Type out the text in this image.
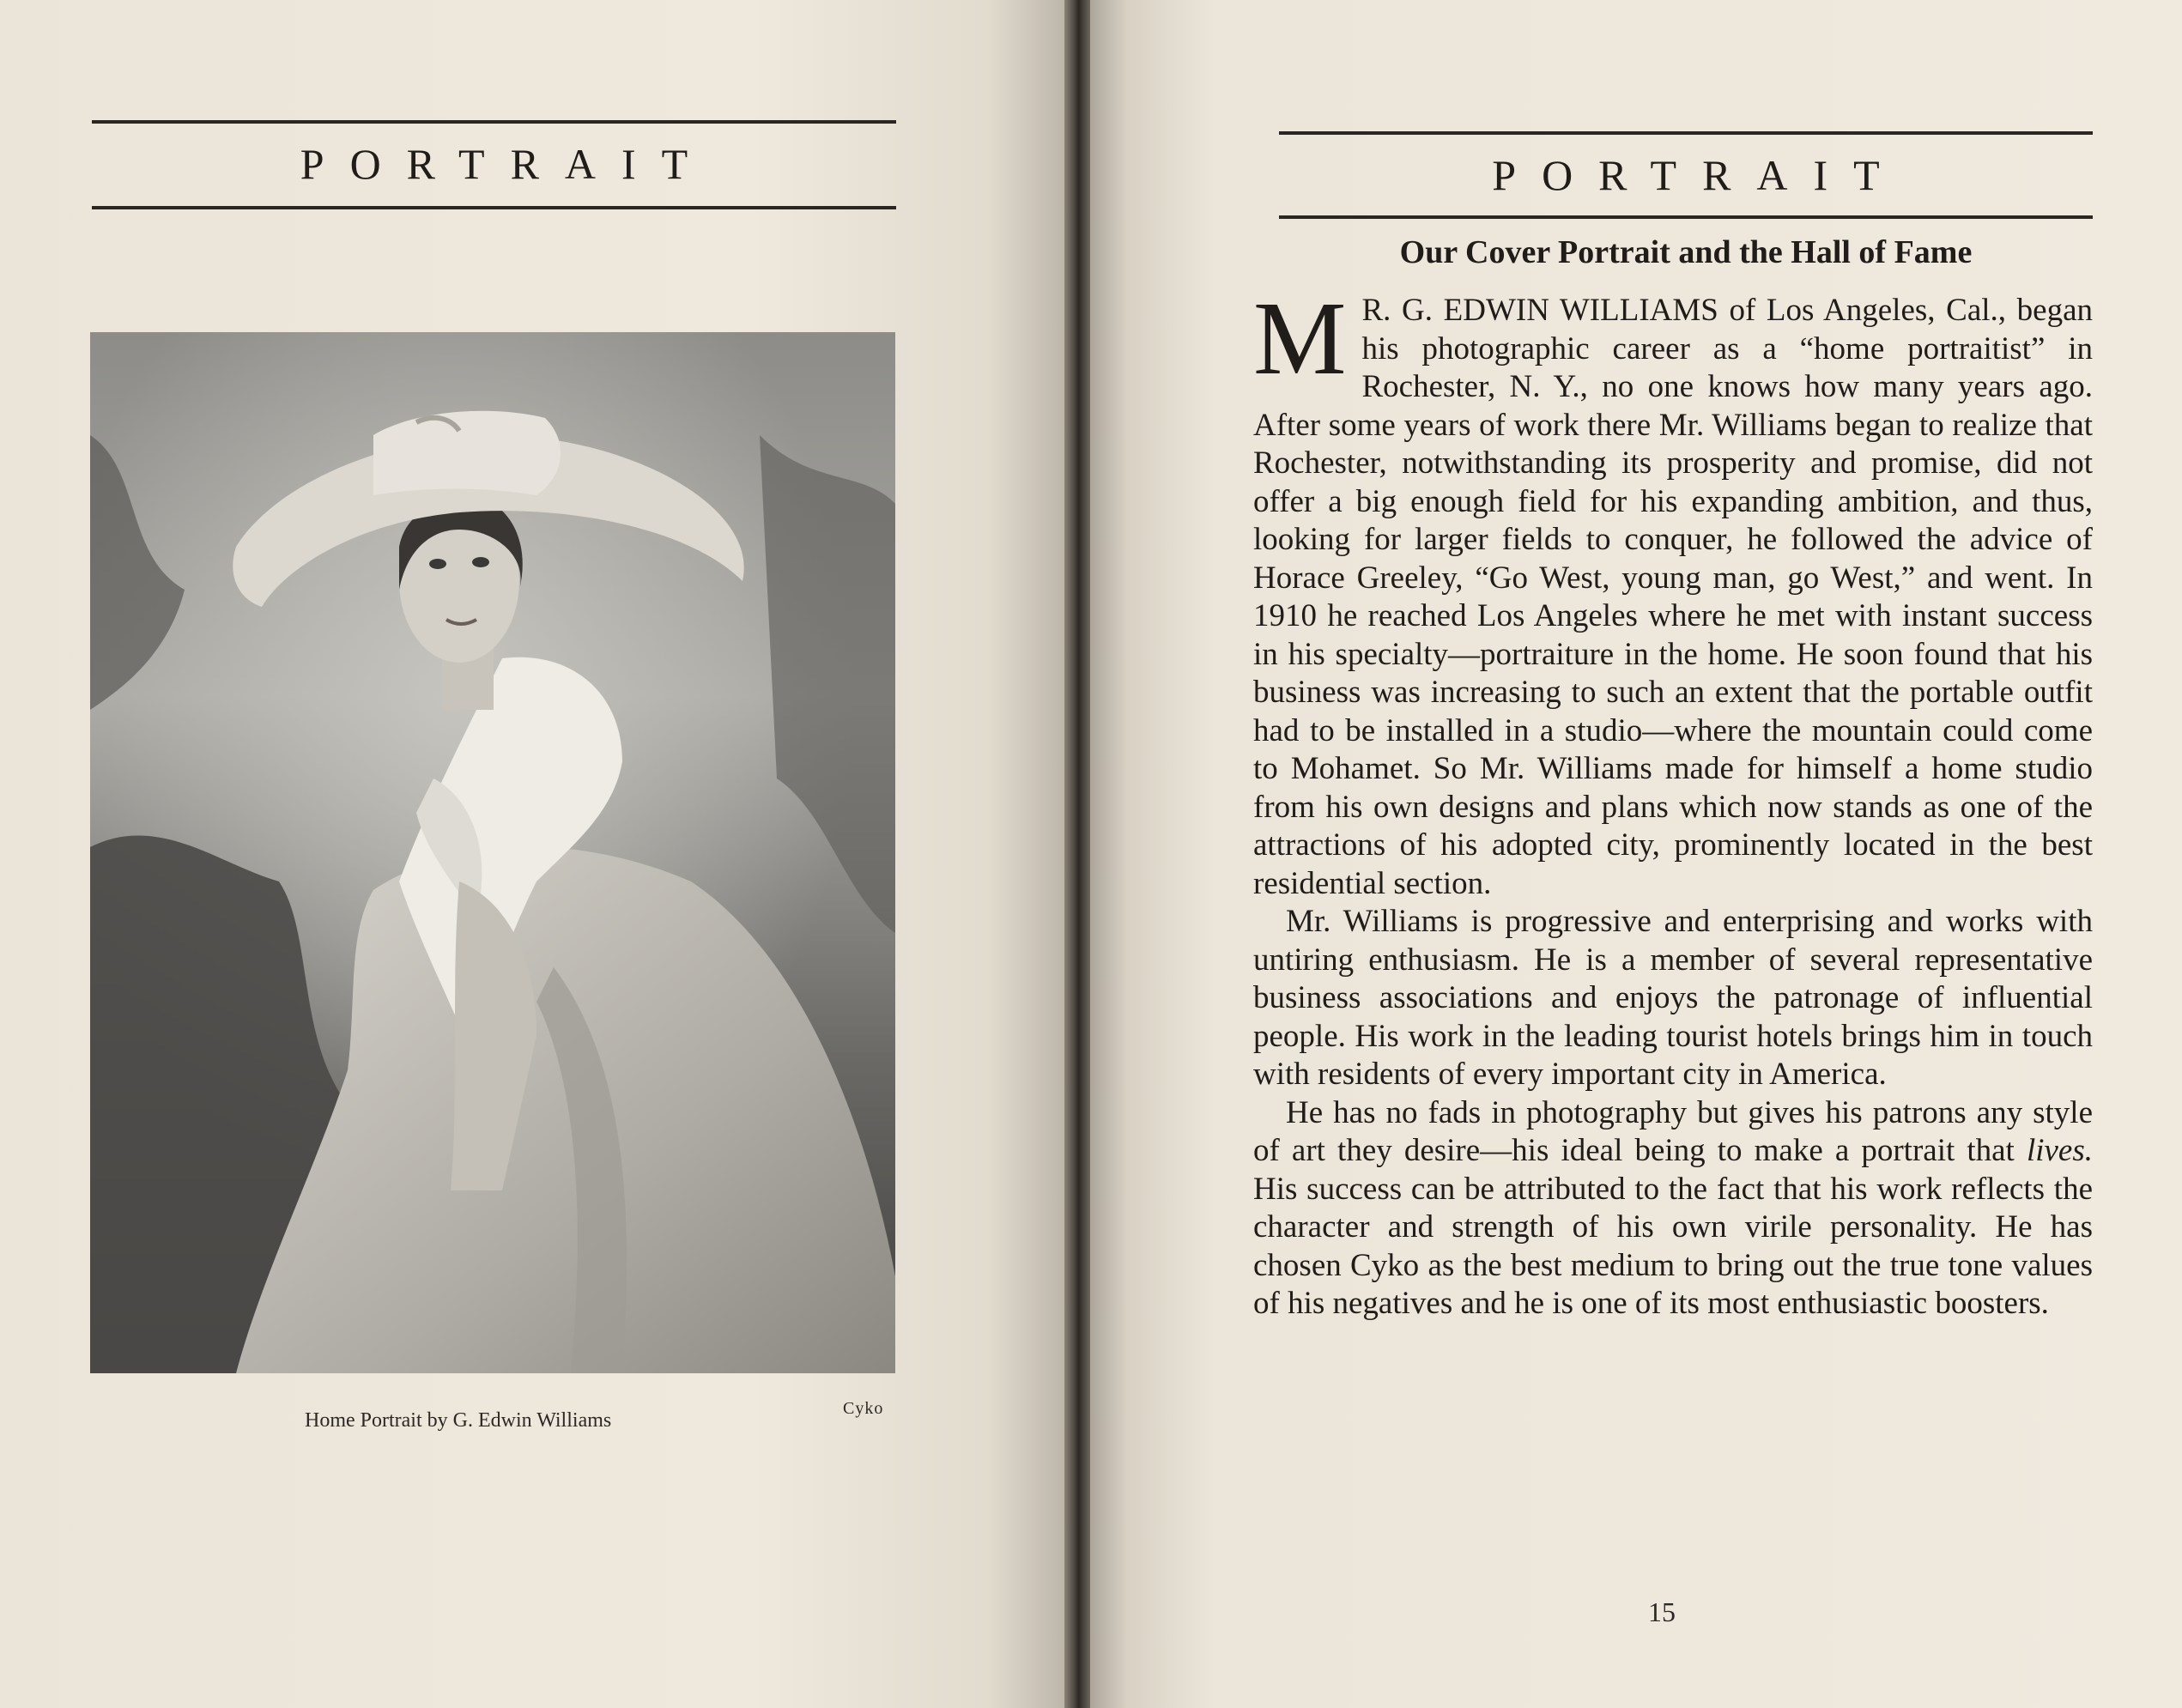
PORTRAIT
Home Portrait by G. Edwin Williams
Cyko
PORTRAIT
Our Cover Portrait and the Hall of Fame

M R. G. EDWIN WILLIAMS of Los Angeles, Cal., began his photographic career as a “home portraitist” in Rochester, N. Y., no one knows how many years ago. After some years of work there Mr. Williams began to realize that Rochester, notwithstanding its prosperity and promise, did not offer a big enough field for his expanding ambition, and thus, looking for larger fields to conquer, he followed the advice of Horace Greeley, “Go West, young man, go West,” and went. In 1910 he reached Los Angeles where he met with instant success in his specialty—portraiture in the home. He soon found that his business was increasing to such an extent that the portable outfit had to be installed in a studio—where the mountain could come to Mohamet. So Mr. Williams made for himself a home studio from his own designs and plans which now stands as one of the attractions of his adopted city, prominently located in the best residential section.

Mr. Williams is progressive and enterprising and works with untiring enthusiasm. He is a member of several representative business associations and enjoys the patronage of influential people. His work in the leading tourist hotels brings him in touch with residents of every important city in America.

He has no fads in photography but gives his patrons any style of art they desire—his ideal being to make a portrait that lives. His success can be attributed to the fact that his work reflects the character and strength of his own virile personality. He has chosen Cyko as the best medium to bring out the true tone values of his negatives and he is one of its most enthusiastic boosters.

15
